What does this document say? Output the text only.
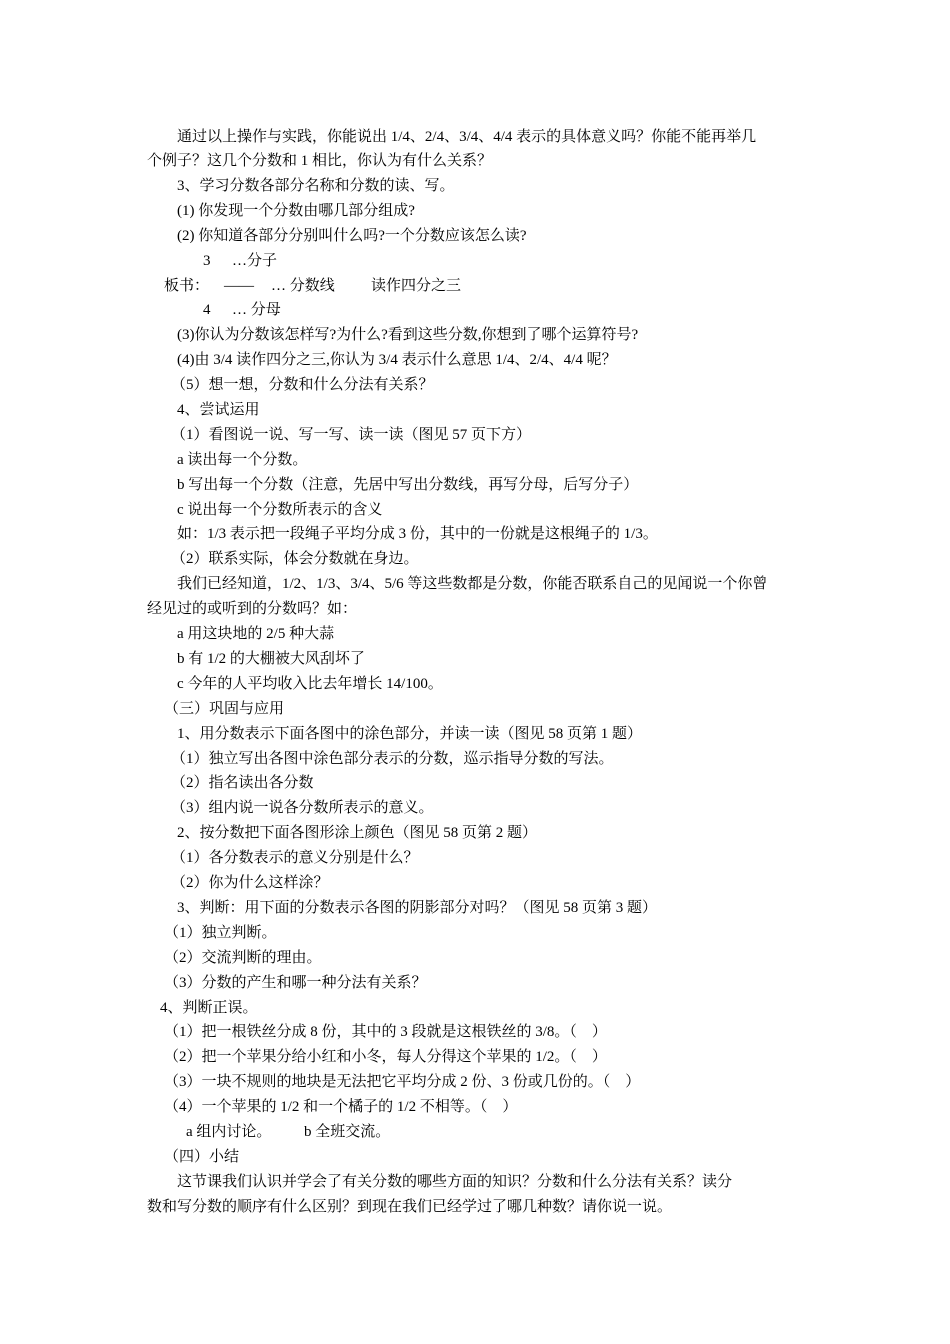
通过以上操作与实践，你能说出 1/4、2/4、3/4、4/4 表示的具体意义吗？你能不能再举几
个例子？这几个分数和 1 相比，你认为有什么关系？
3、学习分数各部分名称和分数的读、写。
(1) 你发现一个分数由哪几部分组成?
(2) 你知道各部分分别叫什么吗?一个分数应该怎么读?
3 …分子
板书： —— … 分数线 读作四分之三
4 … 分母
(3)你认为分数该怎样写?为什么?看到这些分数,你想到了哪个运算符号?
(4)由 3/4 读作四分之三,你认为 3/4 表示什么意思 1/4、2/4、4/4 呢？
（5）想一想，分数和什么分法有关系？
4、尝试运用
（1）看图说一说、写一写、读一读（图见 57 页下方）
a 读出每一个分数。
b 写出每一个分数（注意，先居中写出分数线，再写分母，后写分子）
c 说出每一个分数所表示的含义
如：1/3 表示把一段绳子平均分成 3 份，其中的一份就是这根绳子的 1/3。
（2）联系实际，体会分数就在身边。
我们已经知道，1/2、1/3、3/4、5/6 等这些数都是分数，你能否联系自己的见闻说一个你曾
经见过的或听到的分数吗？如：
a 用这块地的 2/5 种大蒜
b 有 1/2 的大棚被大风刮坏了
c 今年的人平均收入比去年增长 14/100。
（三）巩固与应用
1、用分数表示下面各图中的涂色部分，并读一读（图见 58 页第 1 题）
（1）独立写出各图中涂色部分表示的分数，巡示指导分数的写法。
（2）指名读出各分数
（3）组内说一说各分数所表示的意义。
2、按分数把下面各图形涂上颜色（图见 58 页第 2 题）
（1）各分数表示的意义分别是什么？
（2）你为什么这样涂？
3、判断：用下面的分数表示各图的阴影部分对吗？（图见 58 页第 3 题）
（1）独立判断。
（2）交流判断的理由。
（3）分数的产生和哪一种分法有关系？
4、判断正误。
（1）把一根铁丝分成 8 份，其中的 3 段就是这根铁丝的 3/8。（　）
（2）把一个苹果分给小红和小冬，每人分得这个苹果的 1/2。（　）
（3）一块不规则的地块是无法把它平均分成 2 份、3 份或几份的。（　）
（4）一个苹果的 1/2 和一个橘子的 1/2 不相等。（　）
a 组内讨论。 b 全班交流。
（四）小结
这节课我们认识并学会了有关分数的哪些方面的知识？分数和什么分法有关系？读分
数和写分数的顺序有什么区别？到现在我们已经学过了哪几种数？请你说一说。
